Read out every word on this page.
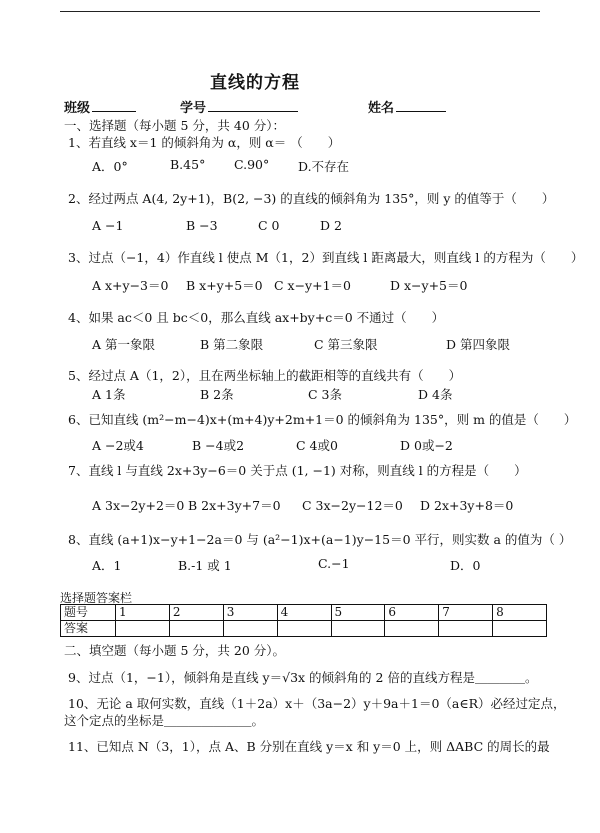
直线的方程
班级	学号	姓名
一、选择题（每小题 5 分，共 40 分）：
1、若直线 x＝1 的倾斜角为 α，则 α＝ （　　）
A．0°	B.45° C.90° D.不存在
2、经过两点 A(4, 2y+1)，B(2, −3) 的直线的倾斜角为 135°，则 y 的值等于（　　）
A −1	B −3	C 0	D 2
3、过点（−1，4）作直线 l 使点 M（1，2）到直线 l 距离最大，则直线 l 的方程为（　　）
A x+y−3＝0 B x+y+5＝0 C x−y+1＝0	D x−y+5＝0
4、如果 ac＜0 且 bc＜0，那么直线 ax+by+c＝0 不通过（　　）
A 第一象限	B 第二象限	C 第三象限	D 第四象限
5、经过点 A（1，2），且在两坐标轴上的截距相等的直线共有（　　）
A 1条	B 2条	C 3条	D 4条
6、已知直线 (m²−m−4)x+(m+4)y+2m+1＝0 的倾斜角为 135°，则 m 的值是（　　）
A −2或4	B −4或2	C 4或0	D 0或−2
7、直线 l 与直线 2x+3y−6＝0 关于点 (1, −1) 对称，则直线 l 的方程是（　　）
A 3x−2y+2＝0 B 2x+3y+7＝0 C 3x−2y−12＝0 D 2x+3y+8＝0
8、直线 (a+1)x−y+1−2a＝0 与 (a²−1)x+(a−1)y−15＝0 平行，则实数 a 的值为（ ）
A．1	B.-1 或 1	C.−1	D．0
选择题答案栏
题号	1	2	3	4	5	6	7	8
答案								
二、填空题（每小题 5 分，共 20 分）。
9、过点（1，−1），倾斜角是直线 y＝√3x 的倾斜角的 2 倍的直线方程是＿＿＿＿。
10、无论 a 取何实数，直线（1＋2a）x＋（3a−2）y＋9a＋1＝0（a∈R）必经过定点，
这个定点的坐标是＿＿＿＿＿＿＿。
11、已知点 N（3，1），点 A、B 分别在直线 y＝x 和 y＝0 上，则 ΔABC 的周长的最
